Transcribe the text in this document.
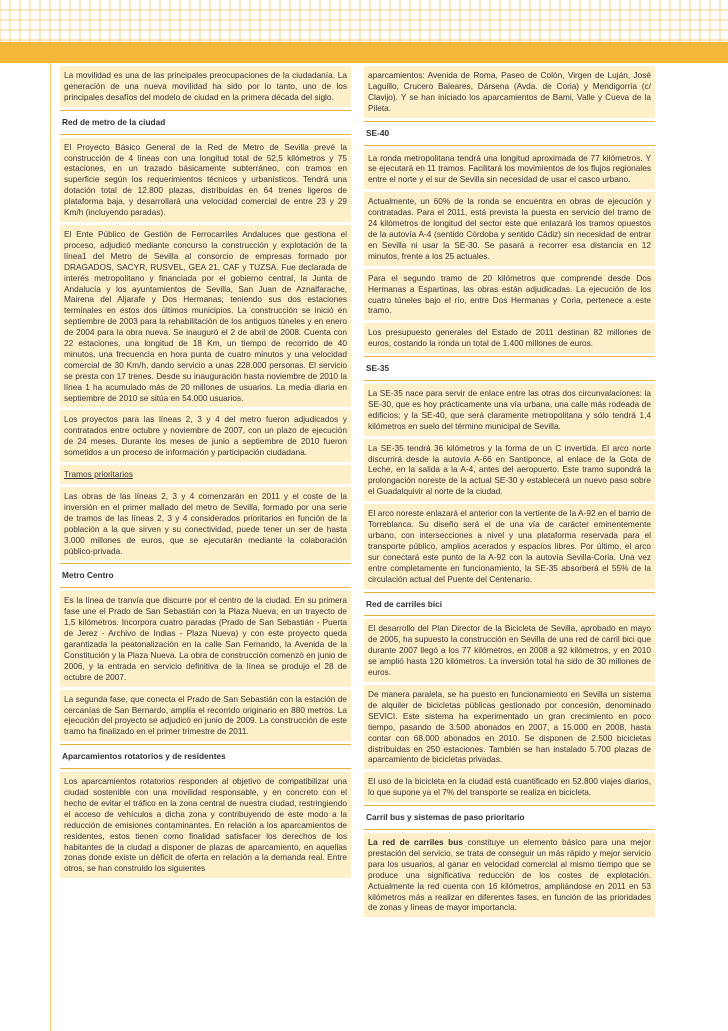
La movilidad es una de las principales preocupaciones de la ciudadanía. La generación de una nueva movilidad ha sido por lo tanto, uno de los principales desafíos del modelo de ciudad en la primera década del siglo.

Red de metro de la ciudad

El Proyecto Básico General de la Red de Metro de Sevilla prevé la construcción de 4 líneas con una longitud total de 52,5 kilómetros y 75 estaciones, en un trazado básicamente subterráneo, con tramos en superficie según los requerimientos técnicos y urbanísticos. Tendrá una dotación total de 12.800 plazas, distribuidas en 64 trenes ligeros de plataforma baja, y desarrollará una velocidad comercial de entre 23 y 29 Km/h (incluyendo paradas).

El Ente Público de Gestión de Ferrocarriles Andaluces que gestiona el proceso, adjudicó mediante concurso la construcción y explotación de la línea1 del Metro de Sevilla al consorcio de empresas formado por DRAGADOS, SACYR, RUSVEL, GEA 21, CAF y TUZSA. Fue declarada de interés metropolitano y financiada por el gobierno central, la Junta de Andalucía y los ayuntamientos de Sevilla, San Juan de Aznalfarache, Mairena del Aljarafe y Dos Hermanas; teniendo sus dos estaciones terminales en estos dos últimos municipios. La construcción se inició en septiembre de 2003 para la rehabilitación de los antiguos túneles y en enero de 2004 para la obra nueva. Se inauguró el 2 de abril de 2008. Cuenta con 22 estaciones, una longitud de 18 Km, un tiempo de recorrido de 40 minutos, una frecuencia en hora punta de cuatro minutos y una velocidad comercial de 30 Km/h, dando servicio a unas 228.000 personas. El servicio se presta con 17 trenes. Desde su inauguración hasta noviembre de 2010 la línea 1 ha acumulado más de 20 millones de usuarios. La media diaria en septiembre de 2010 se sitúa en 54.000 usuarios.

Los proyectos para las líneas 2, 3 y 4 del metro fueron adjudicados y contratados entre octubre y noviembre de 2007, con un plazo de ejecución de 24 meses. Durante los meses de junio a septiembre de 2010 fueron sometidos a un proceso de información y participación ciudadana.

Tramos prioritarios

Las obras de las líneas 2, 3 y 4 comenzarán en 2011 y el coste de la inversión en el primer mallado del metro de Sevilla, formado por una serie de tramos de las líneas 2, 3 y 4 considerados prioritarios en función de la población a la que sirven y su conectividad, puede tener un ser de hasta 3.000 millones de euros, que se ejecutarán mediante la colaboración público-privada.

Metro Centro

Es la línea de tranvía que discurre por el centro de la ciudad. En su primera fase une el Prado de San Sebastián con la Plaza Nueva, en un trayecto de 1,5 kilómetros. Incorpora cuatro paradas (Prado de San Sebastián - Puerta de Jerez - Archivo de Indias - Plaza Nueva) y con este proyecto queda garantizada la peatonalización en la calle San Fernando, la Avenida de la Constitución y la Plaza Nueva. La obra de construcción comenzó en junio de 2006, y la entrada en servicio definitiva de la línea se produjo el 28 de octubre de 2007.

La segunda fase, que conecta el Prado de San Sebastián con la estación de cercanías de San Bernardo, amplía el recorrido originario en 880 metros. La ejecución del proyecto se adjudicó en junio de 2009. La construcción de este tramo ha finalizado en el primer trimestre de 2011.

Aparcamientos rotatorios y de residentes

Los aparcamientos rotatorios responden al objetivo de compatibilizar una ciudad sostenible con una movilidad responsable, y en concreto con el hecho de evitar el tráfico en la zona central de nuestra ciudad, restringiendo el acceso de vehículos a dicha zona y contribuyendo de este modo a la reducción de emisiones contaminantes. En relación a los aparcamientos de residentes, estos tienen como finalidad satisfacer los derechos de los habitantes de la ciudad a disponer de plazas de aparcamiento, en aquellas zonas donde existe un déficit de oferta en relación a la demanda real. Entre otros, se han construido los siguientes

aparcamientos: Avenida de Roma, Paseo de Colón, Virgen de Luján, José Laguillo, Crucero Baleares, Dársena (Avda. de Coria) y Mendigorría (c/ Clavijo). Y se han iniciado los aparcamientos de Bami, Valle y Cueva de la Pileta.

SE-40

La ronda metropolitana tendrá una longitud aproximada de 77 kilómetros. Y se ejecutará en 11 tramos. Facilitará los movimientos de los flujos regionales entre el norte y el sur de Sevilla sin necesidad de usar el casco urbano.

Actualmente, un 60% de la ronda se encuentra en obras de ejecución y contratadas. Para el 2011, está prevista la puesta en servicio del tramo de 24 kilómetros de longitud del sector este que enlazará los tramos opuestos de la autovía A-4 (sentido Córdoba y sentido Cádiz) sin necesidad de entrar en Sevilla ni usar la SE-30. Se pasará a recorrer esa distancia en 12 minutos, frente a los 25 actuales.

Para el segundo tramo de 20 kilómetros que comprende desde Dos Hermanas a Espartinas, las obras están adjudicadas. La ejecución de los cuatro túneles bajo el río, entre Dos Hermanas y Coria, pertenece a este tramo.

Los presupuesto generales del Estado de 2011 destinan 82 millones de euros, costando la ronda un total de 1.400 millones de euros.

SE-35

La SE-35 nace para servir de enlace entre las otras dos circunvalaciones: la SE-30, que es hoy prácticamente una vía urbana, una calle más rodeada de edificios; y la SE-40, que será claramente metropolitana y sólo tendrá 1,4 kilómetros en suelo del término municipal de Sevilla.

La SE-35 tendrá 36 kilómetros y la forma de un C invertida. El arco norte discurrirá desde la autovía A-66 en Santiponce, al enlace de la Gota de Leche, en la salida a la A-4, antes del aeropuerto. Este tramo supondrá la prolongación noreste de la actual SE-30 y establecerá un nuevo paso sobre el Guadalquivir al norte de la ciudad.

El arco noreste enlazará el anterior con la vertiente de la A-92 en el barrio de Torreblanca. Su diseño será el de una vía de carácter eminentemente urbano, con intersecciones a nivel y una plataforma reservada para el transporte público, amplios acerados y espacios libres. Por último, el arco sur conectará este punto de la A-92 con la autovía Sevilla-Coria. Una vez entre completamente en funcionamiento, la SE-35 absorberá el 55% de la circulación actual del Puente del Centenario.

Red de carriles bici

El desarrollo del Plan Director de la Bicicleta de Sevilla, aprobado en mayo de 2005, ha supuesto la construcción en Sevilla de una red de carril bici que durante 2007 llegó a los 77 kilómetros, en 2008 a 92 kilómetros, y en 2010 se amplió hasta 120 kilómetros. La inversión total ha sido de 30 millones de euros.

De manera paralela, se ha puesto en funcionamiento en Sevilla un sistema de alquiler de bicicletas públicas gestionado por concesión, denominado SEVICI. Este sistema ha experimentado un gran crecimiento en poco tiempo, pasando de 3.500 abonados en 2007, a 15.000 en 2008, hasta contar con 68.000 abonados en 2010. Se disponen de 2.500 bicicletas distribuidas en 250 estaciones. También se han instalado 5.700 plazas de aparcamiento de bicicletas privadas.

El uso de la bicicleta en la ciudad está cuantificado en 52.800 viajes diarios, lo que supone ya el 7% del transporte se realiza en bicicleta.

Carril bus y sistemas de paso prioritario

La red de carriles bus constituye un elemento básico para una mejor prestación del servicio, se trata de conseguir un más rápido y mejor servicio para los usuarios, al ganar en velocidad comercial al mismo tiempo que se produce una significativa reducción de los costes de explotación. Actualmente la red cuenta con 16 kilómetros, ampliándose en 2011 en 53 kilómetros más a realizar en diferentes fases, en función de las prioridades de zonas y líneas de mayor importancia.
